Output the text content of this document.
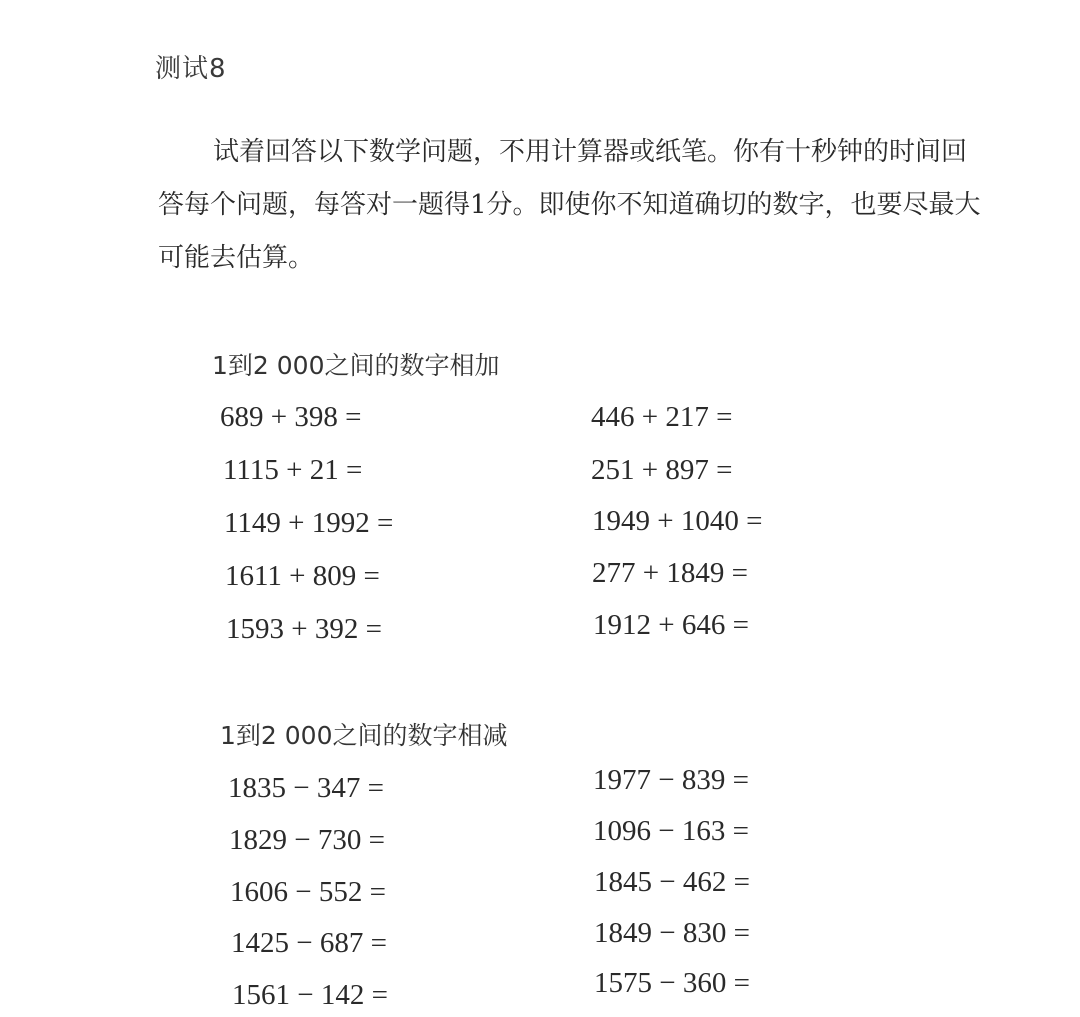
测试8

试着回答以下数学问题，不用计算器或纸笔。你有十秒钟的时间回答每个问题，每答对一题得1分。即使你不知道确切的数字，也要尽最大可能去估算。

1到2 000之间的数字相加
689 + 398 =
1115 + 21 =
1149 + 1992 =
1611 + 809 =
1593 + 392 =
446 + 217 =
251 + 897 =
1949 + 1040 =
277 + 1849 =
1912 + 646 =
1到2 000之间的数字相减
1835 − 347 =
1829 − 730 =
1606 − 552 =
1425 − 687 =
1561 − 142 =
1977 − 839 =
1096 − 163 =
1845 − 462 =
1849 − 830 =
1575 − 360 =
